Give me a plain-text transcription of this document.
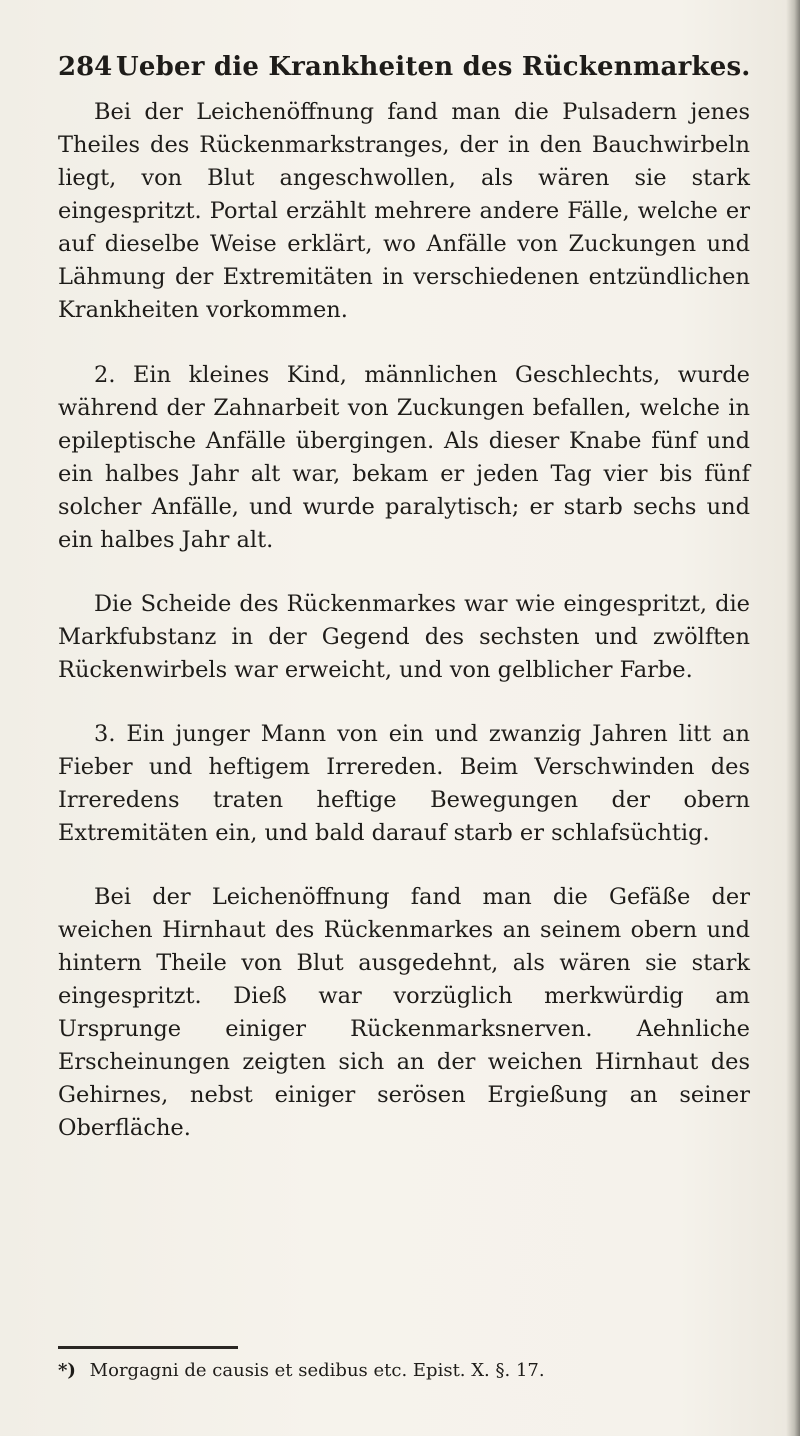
284 Ueber die Krankheiten des Rückenmarkes.

Bei der Leichenöffnung fand man die Pulsadern jenes Theiles des Rückenmarkstranges, der in den Bauchwirbeln liegt, von Blut angeschwollen, als wären sie stark eingespritzt. Portal erzählt mehrere andere Fälle, welche er auf dieselbe Weise erklärt, wo Anfälle von Zuckungen und Lähmung der Extremitäten in verschiedenen entzündlichen Krankheiten vorkommen.

2. Ein kleines Kind, männlichen Geschlechts, wurde während der Zahnarbeit von Zuckungen befallen, welche in epileptische Anfälle übergingen. Als dieser Knabe fünf und ein halbes Jahr alt war, bekam er jeden Tag vier bis fünf solcher Anfälle, und wurde paralytisch; er starb sechs und ein halbes Jahr alt.

Die Scheide des Rückenmarkes war wie eingespritzt, die Markfubstanz in der Gegend des sechsten und zwölften Rückenwirbels war erweicht, und von gelblicher Farbe.

3. Ein junger Mann von ein und zwanzig Jahren litt an Fieber und heftigem Irrereden. Beim Verschwinden des Irreredens traten heftige Bewegungen der obern Extremitäten ein, und bald darauf starb er schlafsüchtig.

Bei der Leichenöffnung fand man die Gefäße der weichen Hirnhaut des Rückenmarkes an seinem obern und hintern Theile von Blut ausgedehnt, als wären sie stark eingespritzt. Dieß war vorzüglich merkwürdig am Ursprunge einiger Rückenmarksnerven. Aehnliche Erscheinungen zeigten sich an der weichen Hirnhaut des Gehirnes, nebst einiger serösen Ergießung an seiner Oberfläche.

*) Morgagni de causis et sedibus etc. Epist. X. §. 17.
